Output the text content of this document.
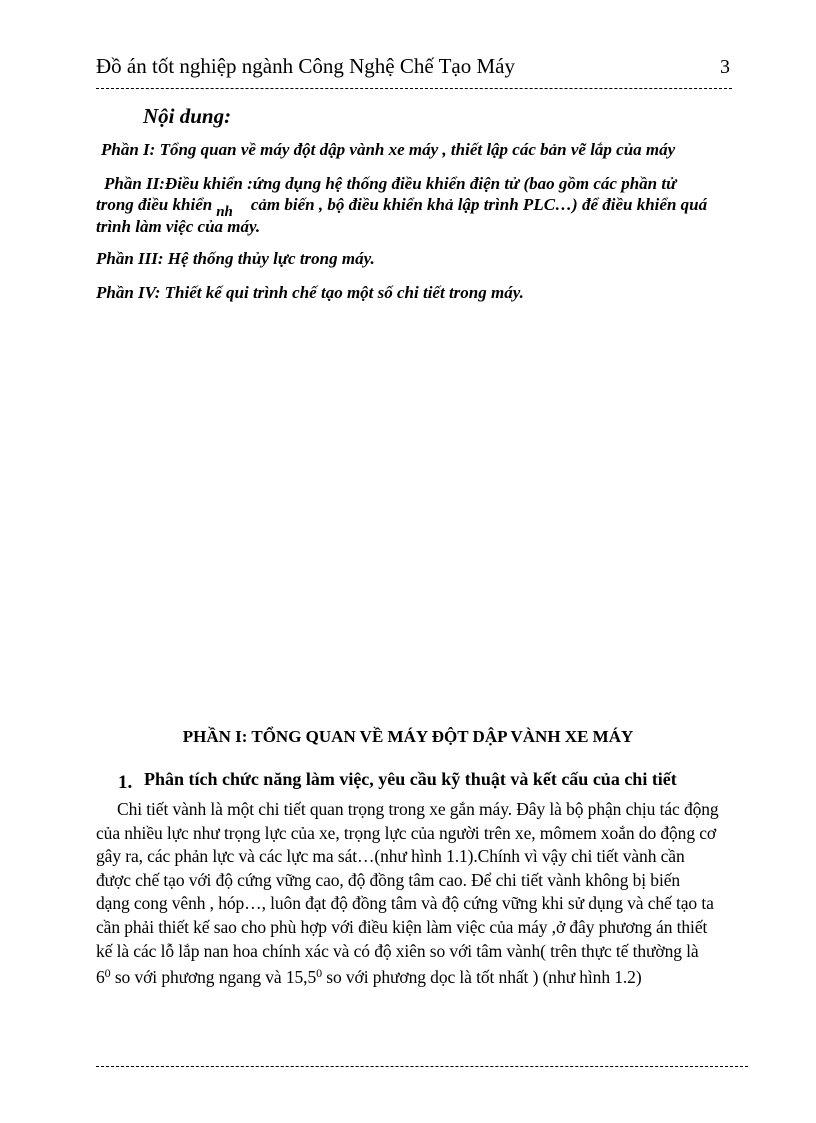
Đồ án tốt nghiệp ngành Công Nghệ Chế Tạo Máy	3
Nội dung:
Phần I: Tổng quan về máy đột dập vành xe máy , thiết lập các bản vẽ lắp của máy
Phần II:Điều khiển :ứng dụng hệ thống điều khiển điện tử (bao gồm các phần tử
trong điều khiển nh cảm biến , bộ điều khiển khả lập trình PLC…) để điều khiển quá
trình làm việc của máy.
Phần III: Hệ thống thủy lực trong máy.
Phần IV: Thiết kế qui trình chế tạo một số chi tiết trong máy.
PHẦN I: TỔNG QUAN VỀ MÁY ĐỘT DẬP VÀNH XE MÁY
1. Phân tích chức năng làm việc, yêu cầu kỹ thuật và kết cấu của chi tiết
Chi tiết vành là một chi tiết quan trọng trong xe gắn máy. Đây là bộ phận chịu tác động
của nhiều lực như trọng lực của xe, trọng lực của người trên xe, mômem xoắn do động cơ
gây ra, các phản lực và các lực ma sát…(như hình 1.1).Chính vì vậy chi tiết vành cần
được chế tạo với độ cứng vững cao, độ đồng tâm cao. Để chi tiết vành không bị biến
dạng cong vênh , hóp…, luôn đạt độ đồng tâm và độ cứng vững khi sử dụng và chế tạo ta
cần phải thiết kế sao cho phù hợp với điều kiện làm việc của máy ,ở đây phương án thiết
kế là các lỗ lắp nan hoa chính xác và có độ xiên so với tâm vành( trên thực tế thường là
$6^0$ so với phương ngang và 15,5$^0$ so với phương dọc là tốt nhất ) (như hình 1.2)
